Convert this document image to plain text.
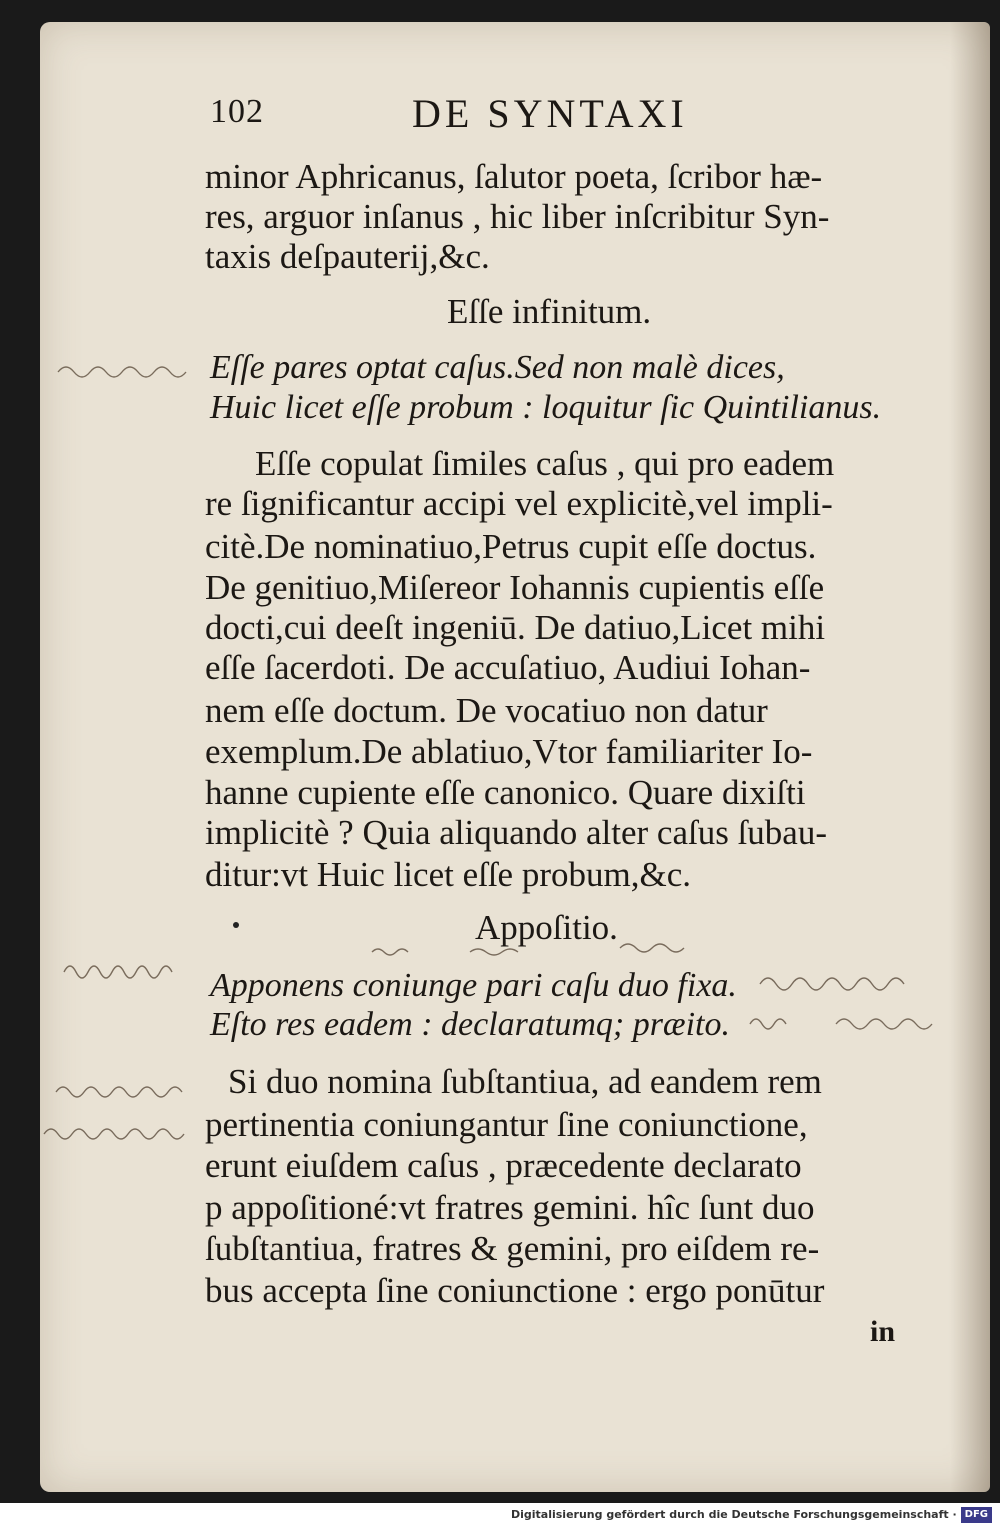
102	DE SYNTAXI
minor Aphricanus, ſalutor poeta, ſcribor hæ-
res, arguor inſanus , hic liber inſcribitur Syn-
taxis deſpauterij,&c.
Eſſe infinitum.
Eſſe pares optat caſus.Sed non malè dices,
Huic licet eſſe probum : loquitur ſic Quintilianus.
Eſſe copulat ſimiles caſus , qui pro eadem
re ſignificantur accipi vel explicitè,vel impli-
citè.De nominatiuo,Petrus cupit eſſe doctus.
De genitiuo,Miſereor Iohannis cupientis eſſe
docti,cui deeſt ingeniū. De datiuo,Licet mihi
eſſe ſacerdoti. De accuſatiuo, Audiui Iohan-
nem eſſe doctum. De vocatiuo non datur
exemplum.De ablatiuo,Vtor familiariter Io-
hanne cupiente eſſe canonico. Quare dixiſti
implicitè ? Quia aliquando alter caſus ſubau-
ditur:vt Huic licet eſſe probum,&c.
Appoſitio.
Apponens coniunge pari caſu duo fixa.
Eſto res eadem : declaratumq; præito.
Si duo nomina ſubſtantiua, ad eandem rem
pertinentia coniungantur ſine coniunctione,
erunt eiuſdem caſus , præcedente declarato
p appoſitioné:vt fratres gemini. hîc ſunt duo
ſubſtantiua, fratres & gemini, pro eiſdem re-
bus accepta ſine coniunctione : ergo ponūtur
in
Digitalisierung gefördert durch die Deutsche Forschungsgemeinschaft · DFG
